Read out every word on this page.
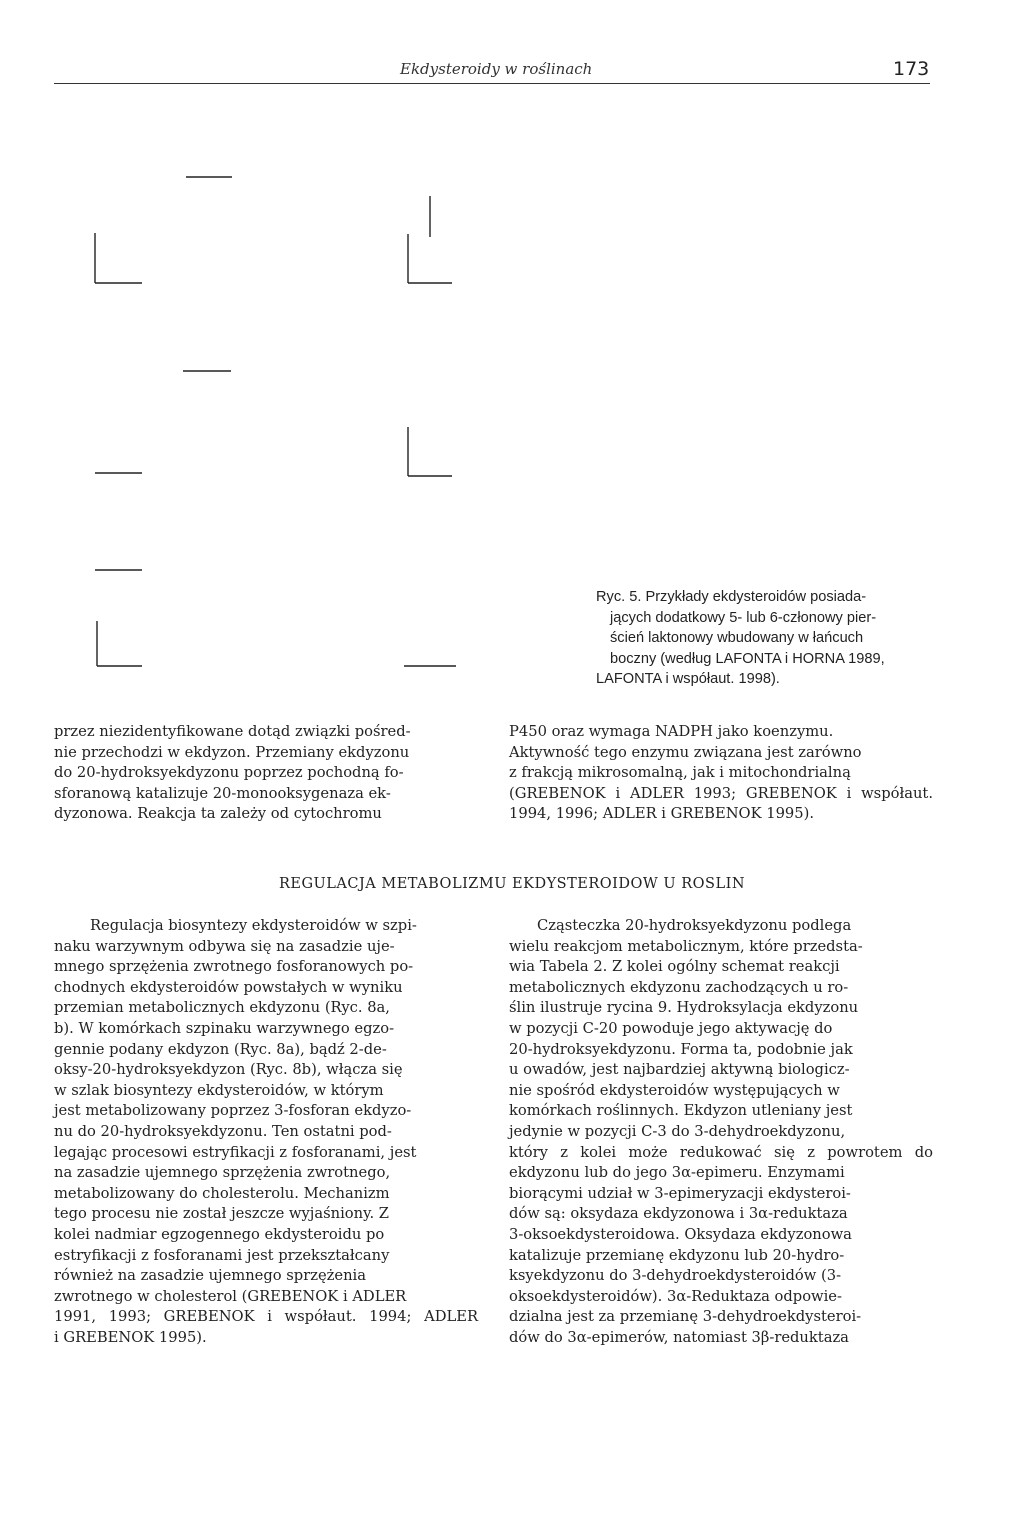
Ekdysteroidy w roślinach	173
Ryc. 5. Przykłady ekdysteroidów posiada-
jących dodatkowy 5- lub 6-członowy pier-
ścień laktonowy wbudowany w łańcuch
boczny (według LAFONTA i HORNA 1989,
LAFONTA i współaut. 1998).
przez niezidentyfikowane dotąd związki pośred-
nie przechodzi w ekdyzon. Przemiany ekdyzonu
do 20-hydroksyekdyzonu poprzez pochodną fo-
sforanową katalizuje 20-monooksygenaza ek-
dyzonowa. Reakcja ta zależy od cytochromu
P450 oraz wymaga NADPH jako koenzymu.
Aktywność tego enzymu związana jest zarówno
z frakcją mikrosomalną, jak i mitochondrialną
(GREBENOK i ADLER 1993; GREBENOK i współaut.
1994, 1996; ADLER i GREBENOK 1995).
REGULACJA METABOLIZMU EKDYSTEROIDOW U ROSLIN
Regulacja biosyntezy ekdysteroidów w szpi-
naku warzywnym odbywa się na zasadzie uje-
mnego sprzężenia zwrotnego fosforanowych po-
chodnych ekdysteroidów powstałych w wyniku
przemian metabolicznych ekdyzonu (Ryc. 8a,
b). W komórkach szpinaku warzywnego egzo-
gennie podany ekdyzon (Ryc. 8a), bądź 2-de-
oksy-20-hydroksyekdyzon (Ryc. 8b), włącza się
w szlak biosyntezy ekdysteroidów, w którym
jest metabolizowany poprzez 3-fosforan ekdyzo-
nu do 20-hydroksyekdyzonu. Ten ostatni pod-
legając procesowi estryfikacji z fosforanami, jest
na zasadzie ujemnego sprzężenia zwrotnego,
metabolizowany do cholesterolu. Mechanizm
tego procesu nie został jeszcze wyjaśniony. Z
kolei nadmiar egzogennego ekdysteroidu po
estryfikacji z fosforanami jest przekształcany
również na zasadzie ujemnego sprzężenia
zwrotnego w cholesterol (GREBENOK i ADLER
1991, 1993; GREBENOK i współaut. 1994; ADLER
i GREBENOK 1995).
Cząsteczka 20-hydroksyekdyzonu podlega
wielu reakcjom metabolicznym, które przedsta-
wia Tabela 2. Z kolei ogólny schemat reakcji
metabolicznych ekdyzonu zachodzących u ro-
ślin ilustruje rycina 9. Hydroksylacja ekdyzonu
w pozycji C-20 powoduje jego aktywację do
20-hydroksyekdyzonu. Forma ta, podobnie jak
u owadów, jest najbardziej aktywną biologicz-
nie spośród ekdysteroidów występujących w
komórkach roślinnych. Ekdyzon utleniany jest
jedynie w pozycji C-3 do 3-dehydroekdyzonu,
który z kolei może redukować się z powrotem do
ekdyzonu lub do jego 3α-epimeru. Enzymami
biorącymi udział w 3-epimeryzacji ekdysteroi-
dów są: oksydaza ekdyzonowa i 3α-reduktaza
3-oksoekdysteroidowa. Oksydaza ekdyzonowa
katalizuje przemianę ekdyzonu lub 20-hydro-
ksyekdyzonu do 3-dehydroekdysteroidów (3-
oksoekdysteroidów). 3α-Reduktaza odpowie-
dzialna jest za przemianę 3-dehydroekdysteroi-
dów do 3α-epimerów, natomiast 3β-reduktaza
